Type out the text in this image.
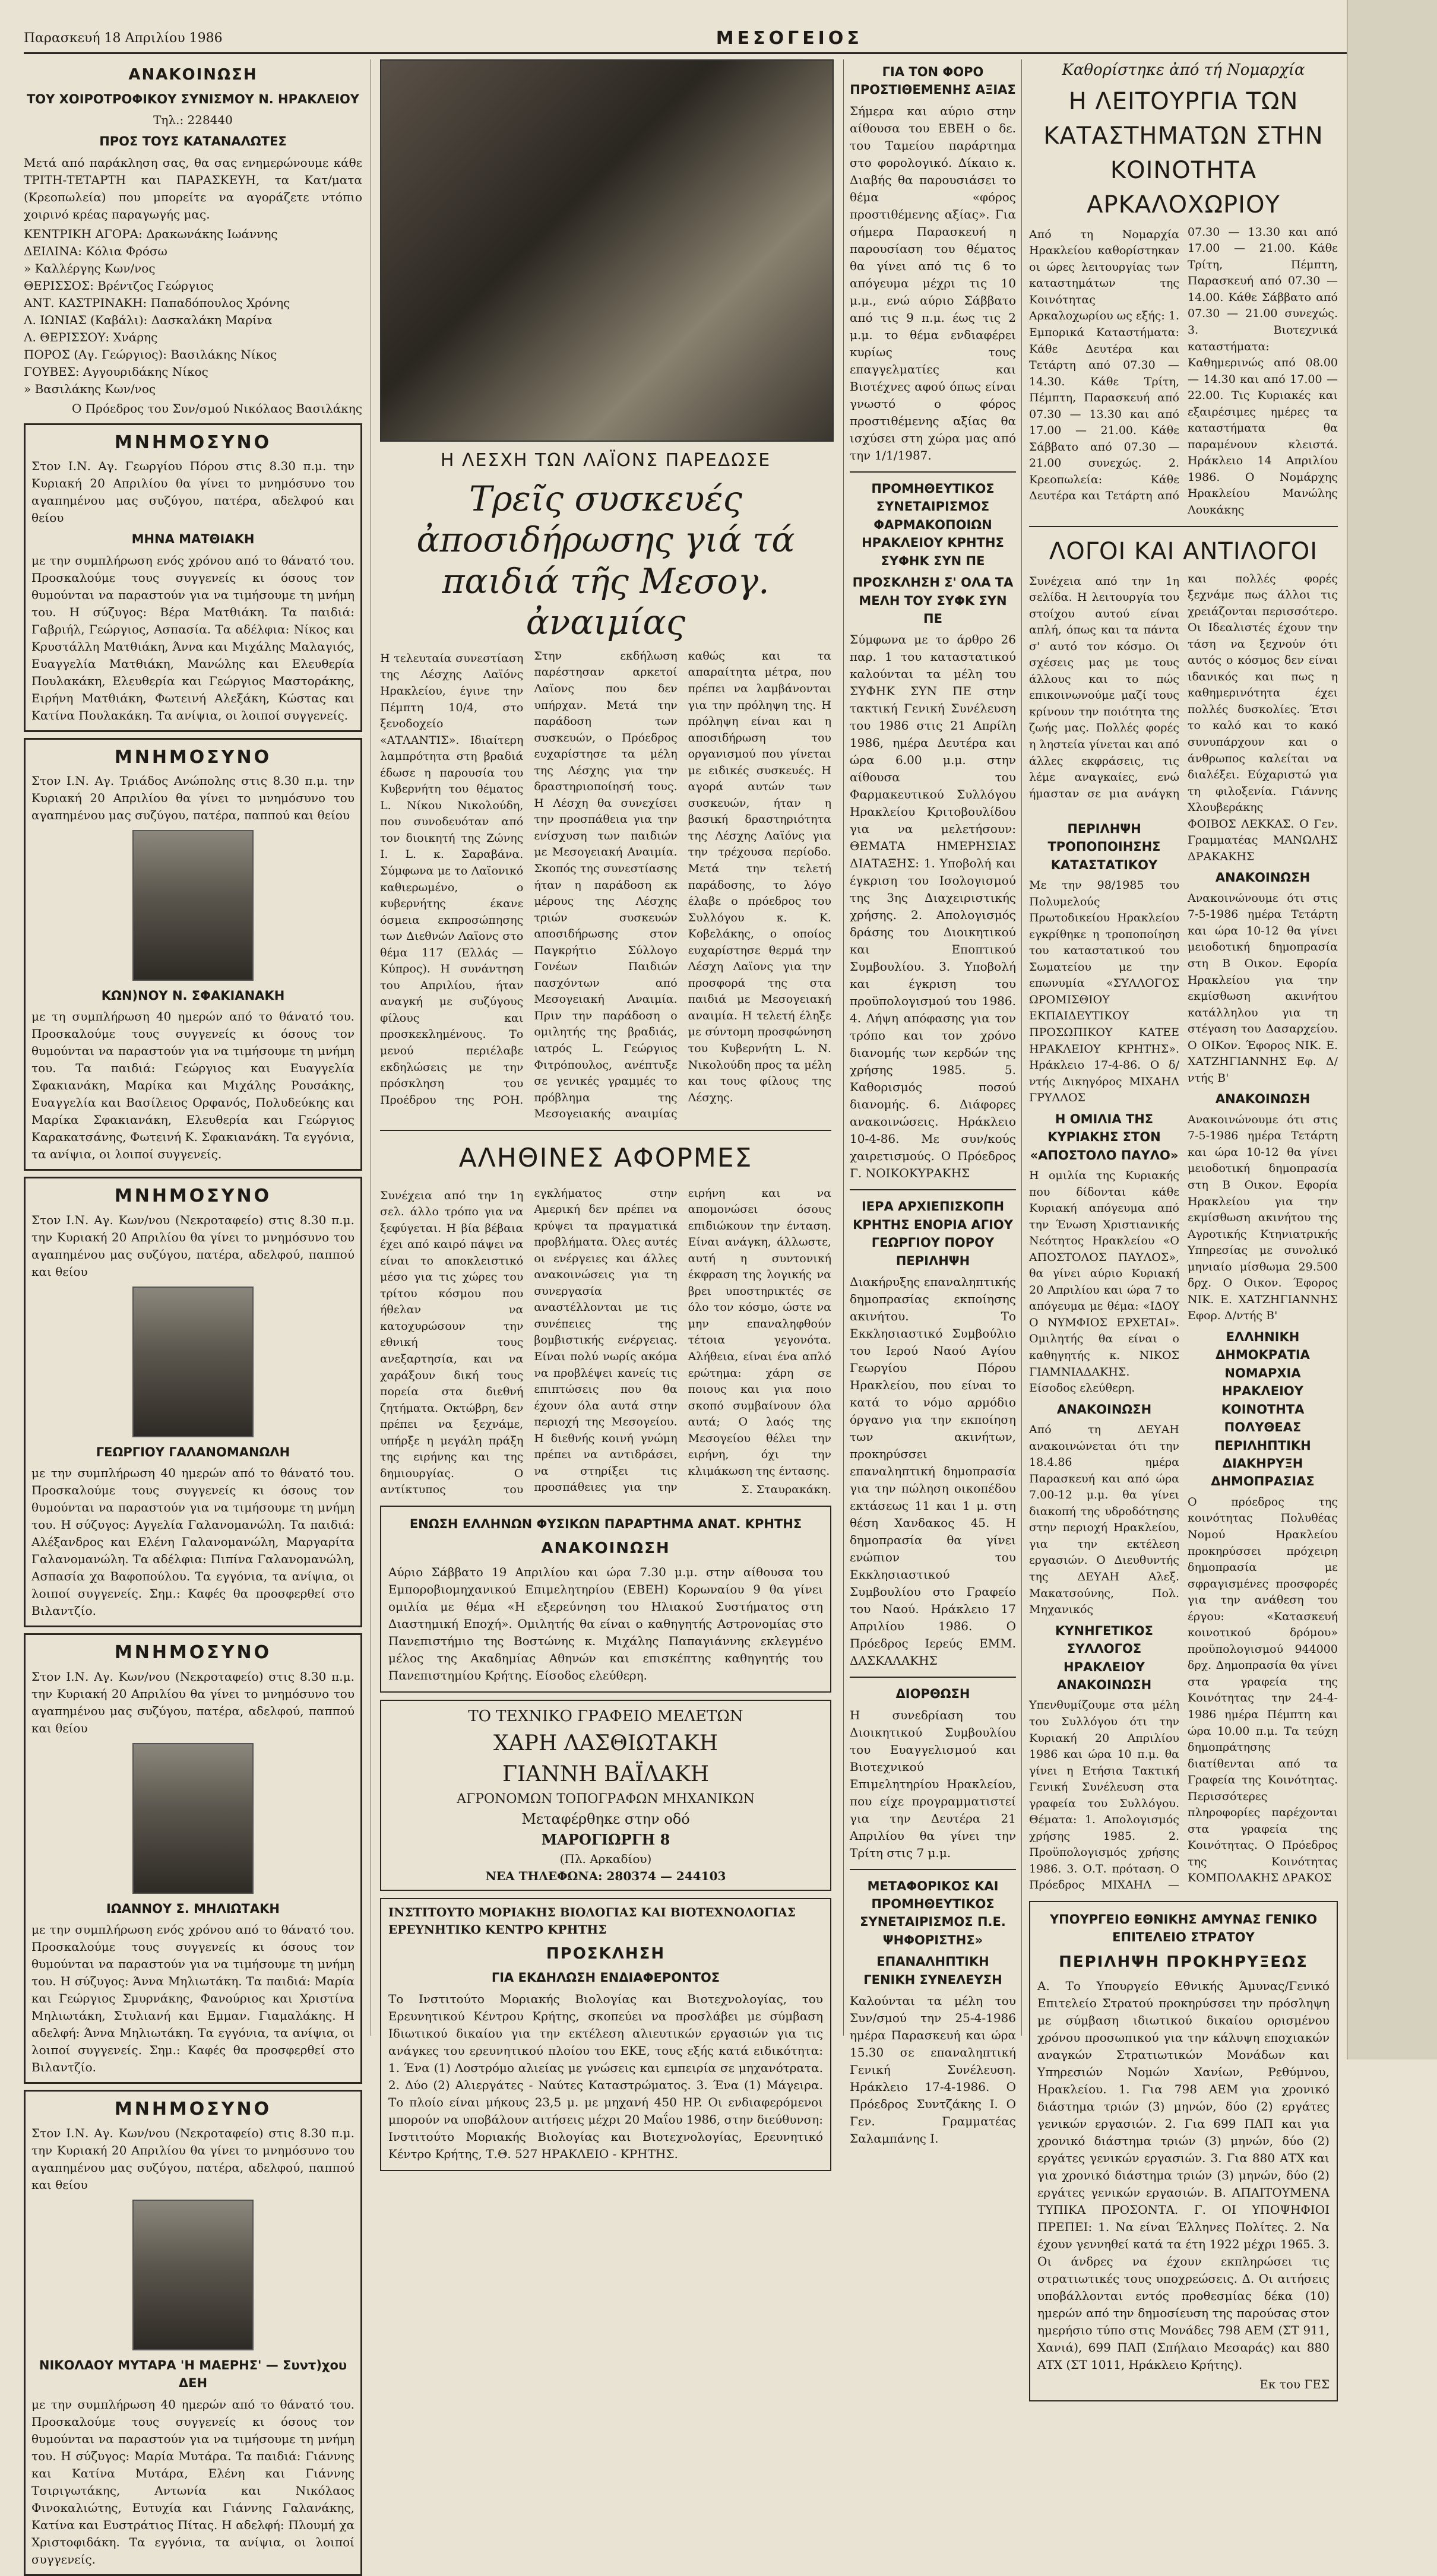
Παρασκευή 18 Απριλίου 1986	ΜΕΣΟΓΕΙΟΣ
ΑΝΑΚΟΙΝΩΣΗ
ΤΟΥ ΧΟΙΡΟΤΡΟΦΙΚΟΥ ΣΥΝΙΣΜΟΥ Ν. ΗΡΑΚΛΕΙΟΥ
Τηλ.: 228440
ΠΡΟΣ ΤΟΥΣ ΚΑΤΑΝΑΛΩΤΕΣ

Μετά από παράκληση σας, θα σας ενημερώνουμε κάθε ΤΡΙΤΗ-ΤΕΤΑΡΤΗ και ΠΑΡΑΣΚΕΥΗ, τα Κατ/ματα (Κρεοπωλεία) που μπορείτε να αγοράζετε ντόπιο χοιρινό κρέας παραγωγής μας.

ΚΕΝΤΡΙΚΗ ΑΓΟΡΑ: Δρακωνάκης Ιωάννης
ΔΕΙΛΙΝΑ: Κόλια Φρόσω
» Καλλέργης Κων/νος
ΘΕΡΙΣΣΟΣ: Βρέντζος Γεώργιος
ΑΝΤ. ΚΑΣΤΡΙΝΑΚΗ: Παπαδόπουλος Χρόνης
Λ. ΙΩΝΙΑΣ (Καβάλι): Δασκαλάκη Μαρίνα
Λ. ΘΕΡΙΣΣΟΥ: Χνάρης
ΠΟΡΟΣ (Αγ. Γεώργιος): Βασιλάκης Νίκος
ΓΟΥΒΕΣ: Αγγουριδάκης Νίκος
» Βασιλάκης Κων/νος

Ο Πρόεδρος του Συν/σμού Νικόλαος Βασιλάκης

ΜΝΗΜΟΣΥΝΟ

Στον Ι.Ν. Αγ. Γεωργίου Πόρου στις 8.30 π.μ. την Κυριακή 20 Απριλίου θα γίνει το μνημόσυνο του αγαπημένου μας συζύγου, πατέρα, αδελφού και θείου

ΜΗΝΑ ΜΑΤΘΙΑΚΗ

με την συμπλήρωση ενός χρόνου από το θάνατό του. Προσκαλούμε τους συγγενείς κι όσους τον θυμούνται να παραστούν για να τιμήσουμε τη μνήμη του. Η σύζυγος: Βέρα Ματθιάκη. Τα παιδιά: Γαβριήλ, Γεώργιος, Ασπασία. Τα αδέλφια: Νίκος και Κρυστάλλη Ματθιάκη, Άννα και Μιχάλης Μαλαγιός, Ευαγγελία Ματθιάκη, Μανώλης και Ελευθερία Πουλακάκη, Ελευθερία και Γεώργιος Μαστοράκης, Ειρήνη Ματθιάκη, Φωτεινή Αλεξάκη, Κώστας και Κατίνα Πουλακάκη. Τα ανίψια, οι λοιποί συγγενείς.

ΜΝΗΜΟΣΥΝΟ

Στον Ι.Ν. Αγ. Τριάδος Ανώπολης στις 8.30 π.μ. την Κυριακή 20 Απριλίου θα γίνει το μνημόσυνο του αγαπημένου μας συζύγου, πατέρα, παππού και θείου

ΚΩΝ)ΝΟΥ Ν. ΣΦΑΚΙΑΝΑΚΗ

με τη συμπλήρωση 40 ημερών από το θάνατό του. Προσκαλούμε τους συγγενείς κι όσους τον θυμούνται να παραστούν για να τιμήσουμε τη μνήμη του. Τα παιδιά: Γεώργιος και Ευαγγελία Σφακιανάκη, Μαρίκα και Μιχάλης Ρουσάκης, Ευαγγελία και Βασίλειος Ορφανός, Πολυδεύκης και Μαρίκα Σφακιανάκη, Ελευθερία και Γεώργιος Καρακατσάνης, Φωτεινή Κ. Σφακιανάκη. Τα εγγόνια, τα ανίψια, οι λοιποί συγγενείς.

ΜΝΗΜΟΣΥΝΟ

Στον Ι.Ν. Αγ. Κων/νου (Νεκροταφείο) στις 8.30 π.μ. την Κυριακή 20 Απριλίου θα γίνει το μνημόσυνο του αγαπημένου μας συζύγου, πατέρα, αδελφού, παππού και θείου

ΓΕΩΡΓΙΟΥ ΓΑΛΑΝΟΜΑΝΩΛΗ

με την συμπλήρωση 40 ημερών από το θάνατό του. Προσκαλούμε τους συγγενείς κι όσους τον θυμούνται να παραστούν για να τιμήσουμε τη μνήμη του. Η σύζυγος: Αγγελία Γαλανομανώλη. Τα παιδιά: Αλέξανδρος και Ελένη Γαλανομανώλη, Μαργαρίτα Γαλανομανώλη. Τα αδέλφια: Πιπίνα Γαλανομανώλη, Ασπασία χα Βαφοπούλου. Τα εγγόνια, τα ανίψια, οι λοιποί συγγενείς. Σημ.: Καφές θα προσφερθεί στο Βιλαντζίο.

ΜΝΗΜΟΣΥΝΟ

Στον Ι.Ν. Αγ. Κων/νου (Νεκροταφείο) στις 8.30 π.μ. την Κυριακή 20 Απριλίου θα γίνει το μνημόσυνο του αγαπημένου μας συζύγου, πατέρα, αδελφού, παππού και θείου

ΙΩΑΝΝΟΥ Σ. ΜΗΛΙΩΤΑΚΗ

με την συμπλήρωση ενός χρόνου από το θάνατό του. Προσκαλούμε τους συγγενείς κι όσους τον θυμούνται να παραστούν για να τιμήσουμε τη μνήμη του. Η σύζυγος: Άννα Μηλιωτάκη. Τα παιδιά: Μαρία και Γεώργιος Σμυρνάκης, Φανούριος και Χριστίνα Μηλιωτάκη, Στυλιανή και Εμμαν. Γιαμαλάκης. Η αδελφή: Άννα Μηλιωτάκη. Τα εγγόνια, τα ανίψια, οι λοιποί συγγενείς. Σημ.: Καφές θα προσφερθεί στο Βιλαντζίο.

ΜΝΗΜΟΣΥΝΟ

Στον Ι.Ν. Αγ. Κων/νου (Νεκροταφείο) στις 8.30 π.μ. την Κυριακή 20 Απριλίου θα γίνει το μνημόσυνο του αγαπημένου μας συζύγου, πατέρα, αδελφού, παππού και θείου

ΝΙΚΟΛΑΟΥ ΜΥΤΑΡΑ 'Η ΜΑΕΡΗΣ' — Συντ)χου ΔΕΗ

με την συμπλήρωση 40 ημερών από το θάνατό του. Προσκαλούμε τους συγγενείς κι όσους τον θυμούνται να παραστούν για να τιμήσουμε τη μνήμη του. Η σύζυγος: Μαρία Μυτάρα. Τα παιδιά: Γιάννης και Κατίνα Μυτάρα, Ελένη και Γιάννης Τσιριγωτάκης, Αντωνία και Νικόλαος Φινοκαλιώτης, Ευτυχία και Γιάννης Γαλανάκης, Κατίνα και Ευστράτιος Πίτας. Η αδελφή: Πλουμή χα Χριστοφιδάκη. Τα εγγόνια, τα ανίψια, οι λοιποί συγγενείς.

Η ΛΕΣΧΗ ΤΩΝ ΛΑΪΟΝΣ ΠΑΡΕΔΩΣΕ
Τρεῖς συσκευές ἀποσιδήρωσης γιά τά παιδιά τῆς Μεσογ. ἀναιμίας

Η τελευταία συνεστίαση της Λέσχης Λαϊόνς Ηρακλείου, έγινε την Πέμπτη 10/4, στο ξενοδοχείο «ΑΤΛΑΝΤΙΣ». Ιδιαίτερη λαμπρότητα στη βραδιά έδωσε η παρουσία του Κυβερνήτη του θέματος L. Νίκου Νικολούδη, που συνοδευόταν από τον διοικητή της Ζώνης Ι. L. κ. Σαραβάνα. Σύμφωνα με το Λαϊονικό καθιερωμένο, ο κυβερνήτης έκανε όσμεια εκπροσώπησης των Διεθνών Λαϊονς στο θέμα 117 (Ελλάς — Κύπρος). Η συνάντηση του Απριλίου, ήταν αναγκή με συζύγους φίλους και προσκεκλημένους. Το μενού περιέλαβε εκδηλώσεις με την πρόσκληση του Προέδρου της ΡΟΗ. Στην εκδήλωση παρέστησαν αρκετοί Λαϊονς που δεν υπήρχαν. Μετά την παράδοση των συσκευών, ο Πρόεδρος ευχαρίστησε τα μέλη της Λέσχης για την δραστηριοποίησή τους. Η Λέσχη θα συνεχίσει την προσπάθεια για την ενίσχυση των παιδιών με Μεσογειακή Αναιμία. Σκοπός της συνεστίασης ήταν η παράδοση εκ μέρους της Λέσχης τριών συσκευών αποσιδήρωσης στον Παγκρήτιο Σύλλογο Γονέων Παιδιών πασχόντων από Μεσογειακή Αναιμία. Πριν την παράδοση ο ομιλητής της βραδιάς, ιατρός L. Γεώργιος Φιτρόπουλος, ανέπτυξε σε γενικές γραμμές το πρόβλημα της Μεσογειακής αναιμίας καθώς και τα απαραίτητα μέτρα, που πρέπει να λαμβάνονται για την πρόληψη της. Η πρόληψη είναι και η αποσιδήρωση του οργανισμού που γίνεται με ειδικές συσκευές. Η αγορά αυτών των συσκευών, ήταν η βασική δραστηριότητα της Λέσχης Λαϊόνς για την τρέχουσα περίοδο. Μετά την τελετή παράδοσης, το λόγο έλαβε ο πρόεδρος του Συλλόγου κ. Κ. Κοβελάκης, ο οποίος ευχαρίστησε θερμά την Λέσχη Λαϊονς για την προσφορά της στα παιδιά με Μεσογειακή αναιμία. Η τελετή έληξε με σύντομη προσφώνηση του Κυβερνήτη L. Ν. Νικολούδη προς τα μέλη και τους φίλους της Λέσχης.

ΑΛΗΘΙΝΕΣ ΑΦΟΡΜΕΣ

Συνέχεια από την 1η σελ. άλλο τρόπο για να ξεφύγεται. Η βία βέβαια έχει από καιρό πάψει να είναι το αποκλειστικό μέσο για τις χώρες του τρίτου κόσμου που ήθελαν να κατοχυρώσουν την εθνική τους ανεξαρτησία, και να χαράξουν δική τους πορεία στα διεθνή ζητήματα. Οκτώβρη, δεν πρέπει να ξεχνάμε, υπήρξε η μεγάλη πράξη της ειρήνης και της δημιουργίας. Ο αντίκτυπος του εγκλήματος στην Αμερική δεν πρέπει να κρύψει τα πραγματικά προβλήματα. Όλες αυτές οι ενέργειες και άλλες ανακοινώσεις για τη συνεργασία αναστέλλονται με τις συνέπειες της βομβιστικής ενέργειας. Είναι πολύ νωρίς ακόμα να προβλέψει κανείς τις επιπτώσεις που θα έχουν όλα αυτά στην περιοχή της Μεσογείου. Η διεθνής κοινή γνώμη πρέπει να αντιδράσει, να στηρίξει τις προσπάθειες για την ειρήνη και να απομονώσει όσους επιδιώκουν την ένταση. Είναι ανάγκη, άλλωστε, αυτή η συντονική έκφραση της λογικής να βρει υποστηρικτές σε όλο τον κόσμο, ώστε να μην επαναληφθούν τέτοια γεγονότα. Αλήθεια, είναι ένα απλό ερώτημα: χάρη σε ποιους και για ποιο σκοπό συμβαίνουν όλα αυτά; Ο λαός της Μεσογείου θέλει την ειρήνη, όχι την κλιμάκωση της έντασης.

Σ. Σταυρακάκη.

ΕΝΩΣΗ ΕΛΛΗΝΩΝ ΦΥΣΙΚΩΝ ΠΑΡΑΡΤΗΜΑ ΑΝΑΤ. ΚΡΗΤΗΣ
ΑΝΑΚΟΙΝΩΣΗ

Αύριο Σάββατο 19 Απριλίου και ώρα 7.30 μ.μ. στην αίθουσα του Εμποροβιομηχανικού Επιμελητηρίου (ΕΒΕΗ) Κορωναίου 9 θα γίνει ομιλία με θέμα «Η εξερεύνηση του Ηλιακού Συστήματος στη Διαστημική Εποχή». Ομιλητής θα είναι ο καθηγητής Αστρονομίας στο Πανεπιστήμιο της Βοστώνης κ. Μιχάλης Παπαγιάννης εκλεγμένο μέλος της Ακαδημίας Αθηνών και επισκέπτης καθηγητής του Πανεπιστημίου Κρήτης. Είσοδος ελεύθερη.

ΤΟ ΤΕΧΝΙΚΟ ΓΡΑΦΕΙΟ ΜΕΛΕΤΩΝ
ΧΑΡΗ ΛΑΣΘΙΩΤΑΚΗ
ΓΙΑΝΝΗ ΒΑΪΛΑΚΗ
ΑΓΡΟΝΟΜΩΝ ΤΟΠΟΓΡΑΦΩΝ ΜΗΧΑΝΙΚΩΝ
Μεταφέρθηκε στην οδό
ΜΑΡΟΓΙΩΡΓΗ 8
(Πλ. Αρκαδίου)
ΝΕΑ ΤΗΛΕΦΩΝΑ: 280374 — 244103
ΙΝΣΤΙΤΟΥΤΟ ΜΟΡΙΑΚΗΣ ΒΙΟΛΟΓΙΑΣ ΚΑΙ ΒΙΟΤΕΧΝΟΛΟΓΙΑΣ ΕΡΕΥΝΗΤΙΚΟ ΚΕΝΤΡΟ ΚΡΗΤΗΣ
ΠΡΟΣΚΛΗΣΗ
ΓΙΑ ΕΚΔΗΛΩΣΗ ΕΝΔΙΑΦΕΡΟΝΤΟΣ

Το Ινστιτούτο Μοριακής Βιολογίας και Βιοτεχνολογίας, του Ερευνητικού Κέντρου Κρήτης, σκοπεύει να προσλάβει με σύμβαση Ιδιωτικού δικαίου για την εκτέλεση αλιευτικών εργασιών για τις ανάγκες του ερευνητικού πλοίου του ΕΚΕ, τους εξής κατά ειδικότητα: 1. Ένα (1) Λοστρόμο αλιείας με γνώσεις και εμπειρία σε μηχανότρατα. 2. Δύο (2) Αλιεργάτες - Ναύτες Καταστρώματος. 3. Ένα (1) Μάγειρα. Το πλοίο είναι μήκους 23,5 μ. με μηχανή 450 HP. Οι ενδιαφερόμενοι μπορούν να υποβάλουν αιτήσεις μέχρι 20 Μαΐου 1986, στην διεύθυνση: Ινστιτούτο Μοριακής Βιολογίας και Βιοτεχνολογίας, Ερευνητικό Κέντρο Κρήτης, Τ.Θ. 527 ΗΡΑΚΛΕΙΟ - ΚΡΗΤΗΣ.

ΓΙΑ ΤΟΝ ΦΟΡΟ ΠΡΟΣΤΙΘΕΜΕΝΗΣ ΑΞΙΑΣ

Σήμερα και αύριο στην αίθουσα του ΕΒΕΗ ο δε. του Ταμείου παράρτημα στο φορολογικό. Δίκαιο κ. Διαβής θα παρουσιάσει το θέμα «φόρος προστιθέμενης αξίας». Για σήμερα Παρασκευή η παρουσίαση του θέματος θα γίνει από τις 6 το απόγευμα μέχρι τις 10 μ.μ., ενώ αύριο Σάββατο από τις 9 π.μ. έως τις 2 μ.μ. το θέμα ενδιαφέρει κυρίως τους επαγγελματίες και Βιοτέχνες αφού όπως είναι γνωστό ο φόρος προστιθέμενης αξίας θα ισχύσει στη χώρα μας από την 1/1/1987.

ΠΡΟΜΗΘΕΥΤΙΚΟΣ ΣΥΝΕΤΑΙΡΙΣΜΟΣ ΦΑΡΜΑΚΟΠΟΙΩΝ ΗΡΑΚΛΕΙΟΥ ΚΡΗΤΗΣ ΣΥΦΗΚ ΣΥΝ ΠΕ
ΠΡΟΣΚΛΗΣΗ Σ' ΟΛΑ ΤΑ ΜΕΛΗ ΤΟΥ ΣΥΦΚ ΣΥΝ ΠΕ

Σύμφωνα με το άρθρο 26 παρ. 1 του καταστατικού καλούνται τα μέλη του ΣΥΦΗΚ ΣΥΝ ΠΕ στην τακτική Γενική Συνέλευση του 1986 στις 21 Απρίλη 1986, ημέρα Δευτέρα και ώρα 6.00 μ.μ. στην αίθουσα του Φαρμακευτικού Συλλόγου Ηρακλείου Κριτοβουλίδου για να μελετήσουν: ΘΕΜΑΤΑ ΗΜΕΡΗΣΙΑΣ ΔΙΑΤΑΞΗΣ: 1. Υποβολή και έγκριση του Ισολογισμού της 3ης Διαχειριστικής χρήσης. 2. Απολογισμός δράσης του Διοικητικού και Εποπτικού Συμβουλίου. 3. Υποβολή και έγκριση του προϋπολογισμού του 1986. 4. Λήψη απόφασης για τον τρόπο και τον χρόνο διανομής των κερδών της χρήσης 1985. 5. Καθορισμός ποσού διανομής. 6. Διάφορες ανακοινώσεις. Ηράκλειο 10-4-86. Με συν/κούς χαιρετισμούς. Ο Πρόεδρος Γ. ΝΟΙΚΟΚΥΡΑΚΗΣ

ΙΕΡΑ ΑΡΧΙΕΠΙΣΚΟΠΗ ΚΡΗΤΗΣ ΕΝΟΡΙΑ ΑΓΙΟΥ ΓΕΩΡΓΙΟΥ ΠΟΡΟΥ ΠΕΡΙΛΗΨΗ

Διακήρυξης επαναληπτικής δημοπρασίας εκποίησης ακινήτου. Το Εκκλησιαστικό Συμβούλιο του Ιερού Ναού Αγίου Γεωργίου Πόρου Ηρακλείου, που είναι το κατά το νόμο αρμόδιο όργανο για την εκποίηση των ακινήτων, προκηρύσσει επαναληπτική δημοπρασία για την πώληση οικοπέδου εκτάσεως 11 και 1 μ. στη θέση Χανδακος 45. Η δημοπρασία θα γίνει ενώπιον του Εκκλησιαστικού Συμβουλίου στο Γραφείο του Ναού. Ηράκλειο 17 Απριλίου 1986. Ο Πρόεδρος Ιερεύς ΕΜΜ. ΔΑΣΚΑΛΑΚΗΣ

ΔΙΟΡΘΩΣΗ

Η συνεδρίαση του Διοικητικού Συμβουλίου του Ευαγγελισμού και Βιοτεχνικού Επιμελητηρίου Ηρακλείου, που είχε προγραμματιστεί για την Δευτέρα 21 Απριλίου θα γίνει την Τρίτη στις 7 μ.μ.

ΜΕΤΑΦΟΡΙΚΟΣ ΚΑΙ ΠΡΟΜΗΘΕΥΤΙΚΟΣ ΣΥΝΕΤΑΙΡΙΣΜΟΣ Π.Ε. ΨΗΦΟΡΙΣΤΗΣ»
ΕΠΑΝΑΛΗΠΤΙΚΗ ΓΕΝΙΚΗ ΣΥΝΕΛΕΥΣΗ

Καλούνται τα μέλη του Συν/σμού την 25-4-1986 ημέρα Παρασκευή και ώρα 15.30 σε επαναληπτική Γενική Συνέλευση. Ηράκλειο 17-4-1986. Ο Πρόεδρος Συντζάκης Ι. Ο Γεν. Γραμματέας Σαλαμπάνης Ι.

Καθορίστηκε ἀπό τή Νομαρχία
Η ΛΕΙΤΟΥΡΓΙΑ ΤΩΝ ΚΑΤΑΣΤΗΜΑΤΩΝ ΣΤΗΝ ΚΟΙΝΟΤΗΤΑ ΑΡΚΑΛΟΧΩΡΙΟΥ

Από τη Νομαρχία Ηρακλείου καθορίστηκαν οι ώρες λειτουργίας των καταστημάτων της Κοινότητας Αρκαλοχωρίου ως εξής: 1. Εμπορικά Καταστήματα: Κάθε Δευτέρα και Τετάρτη από 07.30 — 14.30. Κάθε Τρίτη, Πέμπτη, Παρασκευή από 07.30 — 13.30 και από 17.00 — 21.00. Κάθε Σάββατο από 07.30 — 21.00 συνεχώς. 2. Κρεοπωλεία: Κάθε Δευτέρα και Τετάρτη από 07.30 — 13.30 και από 17.00 — 21.00. Κάθε Τρίτη, Πέμπτη, Παρασκευή από 07.30 — 14.00. Κάθε Σάββατο από 07.30 — 21.00 συνεχώς. 3. Βιοτεχνικά καταστήματα: Καθημερινώς από 08.00 — 14.30 και από 17.00 — 22.00. Τις Κυριακές και εξαιρέσιμες ημέρες τα καταστήματα θα παραμένουν κλειστά. Ηράκλειο 14 Απριλίου 1986. Ο Νομάρχης Ηρακλείου Μανώλης Λουκάκης

ΛΟΓΟΙ ΚΑΙ ΑΝΤΙΛΟΓΟΙ

Συνέχεια από την 1η σελίδα. Η λειτουργία του στοίχου αυτού είναι απλή, όπως και τα πάντα σ' αυτό τον κόσμο. Οι σχέσεις μας με τους άλλους και το πώς επικοινωνούμε μαζί τους κρίνουν την ποιότητα της ζωής μας. Πολλές φορές η ληστεία γίνεται και από άλλες εκφράσεις, τις λέμε αναγκαίες, ενώ ήμασταν σε μια ανάγκη και πολλές φορές ξεχνάμε πως άλλοι τις χρειάζονται περισσότερο. Οι Ιδεαλιστές έχουν την τάση να ξεχνούν ότι αυτός ο κόσμος δεν είναι ιδανικός και πως η καθημερινότητα έχει πολλές δυσκολίες. Έτσι το καλό και το κακό συνυπάρχουν και ο άνθρωπος καλείται να διαλέξει. Εύχαριστώ για τη φιλοξενία. Γιάννης Χλουβεράκης

ΠΕΡΙΛΗΨΗ ΤΡΟΠΟΠΟΙΗΣΗΣ ΚΑΤΑΣΤΑΤΙΚΟΥ

Με την 98/1985 του Πολυμελούς Πρωτοδικείου Ηρακλείου εγκρίθηκε η τροποποίηση του καταστατικού του Σωματείου με την επωνυμία «ΣΥΛΛΟΓΟΣ ΩΡΟΜΙΣΘΙΟΥ ΕΚΠΑΙΔΕΥΤΙΚΟΥ ΠΡΟΣΩΠΙΚΟΥ ΚΑΤΕΕ ΗΡΑΚΛΕΙΟΥ ΚΡΗΤΗΣ». Ηράκλειο 17-4-86. Ο δ/ντής Δικηγόρος ΜΙΧΑΗΛ ΓΡΥΛΛΟΣ

Η ΟΜΙΛΙΑ ΤΗΣ ΚΥΡΙΑΚΗΣ ΣΤΟΝ «ΑΠΟΣΤΟΛΟ ΠΑΥΛΟ»

Η ομιλία της Κυριακής που δίδονται κάθε Κυριακή απόγευμα από την Ένωση Χριστιανικής Νεότητος Ηρακλείου «Ο ΑΠΟΣΤΟΛΟΣ ΠΑΥΛΟΣ», θα γίνει αύριο Κυριακή 20 Απριλίου και ώρα 7 το απόγευμα με θέμα: «ΙΔΟΥ Ο ΝΥΜΦΙΟΣ ΕΡΧΕΤΑΙ». Ομιλητής θα είναι ο καθηγητής κ. ΝΙΚΟΣ ΓΙΑΜΝΙΑΔΑΚΗΣ. Είσοδος ελεύθερη.

ΑΝΑΚΟΙΝΩΣΗ

Από τη ΔΕΥΑΗ ανακοινώνεται ότι την 18.4.86 ημέρα Παρασκευή και από ώρα 7.00-12 μ.μ. θα γίνει διακοπή της υδροδότησης στην περιοχή Ηρακλείου, για την εκτέλεση εργασιών. Ο Διευθυντής της ΔΕΥΑΗ Αλεξ. Μακατσούνης, Πολ. Μηχανικός

ΚΥΝΗΓΕΤΙΚΟΣ ΣΥΛΛΟΓΟΣ ΗΡΑΚΛΕΙΟΥ ΑΝΑΚΟΙΝΩΣΗ

Υπενθυμίζουμε στα μέλη του Συλλόγου ότι την Κυριακή 20 Απριλίου 1986 και ώρα 10 π.μ. θα γίνει η Ετήσια Τακτική Γενική Συνέλευση στα γραφεία του Συλλόγου. Θέματα: 1. Απολογισμός χρήσης 1985. 2. Προϋπολογισμός χρήσης 1986. 3. Ο.Τ. πρόταση. Ο Πρόεδρος ΜΙΧΑΗΛ — ΦΟΙΒΟΣ ΛΕΚΚΑΣ. Ο Γεν. Γραμματέας ΜΑΝΩΛΗΣ ΔΡΑΚΑΚΗΣ

ΑΝΑΚΟΙΝΩΣΗ

Ανακοινώνουμε ότι στις 7-5-1986 ημέρα Τετάρτη και ώρα 10-12 θα γίνει μειοδοτική δημοπρασία στη Β Οικον. Εφορία Ηρακλείου για την εκμίσθωση ακινήτου κατάλληλου για τη στέγαση του Δασαρχείου. Ο ΟΙΚον. Έφορος ΝΙΚ. Ε. ΧΑΤΖΗΓΙΑΝΝΗΣ Εφ. Δ/ντής Β'

ΑΝΑΚΟΙΝΩΣΗ

Ανακοινώνουμε ότι στις 7-5-1986 ημέρα Τετάρτη και ώρα 10-12 θα γίνει μειοδοτική δημοπρασία στη Β Οικον. Εφορία Ηρακλείου για την εκμίσθωση ακινήτου της Αγροτικής Κτηνιατρικής Υπηρεσίας με συνολικό μηνιαίο μίσθωμα 29.500 δρχ. Ο Οικον. Έφορος ΝΙΚ. Ε. ΧΑΤΖΗΓΙΑΝΝΗΣ Εφορ. Δ/ντής Β'

ΕΛΛΗΝΙΚΗ ΔΗΜΟΚΡΑΤΙΑ ΝΟΜΑΡΧΙΑ ΗΡΑΚΛΕΙΟΥ ΚΟΙΝΟΤΗΤΑ ΠΟΛΥΘΕΑΣ ΠΕΡΙΛΗΠΤΙΚΗ ΔΙΑΚΗΡΥΞΗ ΔΗΜΟΠΡΑΣΙΑΣ

Ο πρόεδρος της κοινότητας Πολυθέας Νομού Ηρακλείου προκηρύσσει πρόχειρη δημοπρασία με σφραγισμένες προσφορές για την ανάθεση του έργου: «Κατασκευή κοινοτικού δρόμου» προϋπολογισμού 944000 δρχ. Δημοπρασία θα γίνει στα γραφεία της Κοινότητας την 24-4-1986 ημέρα Πέμπτη και ώρα 10.00 π.μ. Τα τεύχη δημοπράτησης διατίθενται από τα Γραφεία της Κοινότητας. Περισσότερες πληροφορίες παρέχονται στα γραφεία της Κοινότητας. Ο Πρόεδρος της Κοινότητας ΚΟΜΠΟΛΑΚΗΣ ΔΡΑΚΟΣ

ΥΠΟΥΡΓΕΙΟ ΕΘΝΙΚΗΣ ΑΜΥΝΑΣ ΓΕΝΙΚΟ ΕΠΙΤΕΛΕΙΟ ΣΤΡΑΤΟΥ
ΠΕΡΙΛΗΨΗ ΠΡΟΚΗΡΥΞΕΩΣ

Α. Το Υπουργείο Εθνικής Άμυνας/Γενικό Επιτελείο Στρατού προκηρύσσει την πρόσληψη με σύμβαση ιδιωτικού δικαίου ορισμένου χρόνου προσωπικού για την κάλυψη εποχιακών αναγκών Στρατιωτικών Μονάδων και Υπηρεσιών Νομών Χανίων, Ρεθύμνου, Ηρακλείου. 1. Για 798 ΑΕΜ για χρονικό διάστημα τριών (3) μηνών, δύο (2) εργάτες γενικών εργασιών. 2. Για 699 ΠΑΠ και για χρονικό διάστημα τριών (3) μηνών, δύο (2) εργάτες γενικών εργασιών. 3. Για 880 ΑΤΧ και για χρονικό διάστημα τριών (3) μηνών, δύο (2) εργάτες γενικών εργασιών. Β. ΑΠΑΙΤΟΥΜΕΝΑ ΤΥΠΙΚΑ ΠΡΟΣΟΝΤΑ. Γ. ΟΙ ΥΠΟΨΗΦΙΟΙ ΠΡΕΠΕΙ: 1. Να είναι Έλληνες Πολίτες. 2. Να έχουν γεννηθεί κατά τα έτη 1922 μέχρι 1965. 3. Οι άνδρες να έχουν εκπληρώσει τις στρατιωτικές τους υποχρεώσεις. Δ. Οι αιτήσεις υποβάλλονται εντός προθεσμίας δέκα (10) ημερών από την δημοσίευση της παρούσας στον ημερήσιο τύπο στις Μονάδες 798 ΑΕΜ (ΣΤ 911, Χανιά), 699 ΠΑΠ (Σπήλαιο Μεσαράς) και 880 ΑΤΧ (ΣΤ 1011, Ηράκλειο Κρήτης).

Εκ του ΓΕΣ
